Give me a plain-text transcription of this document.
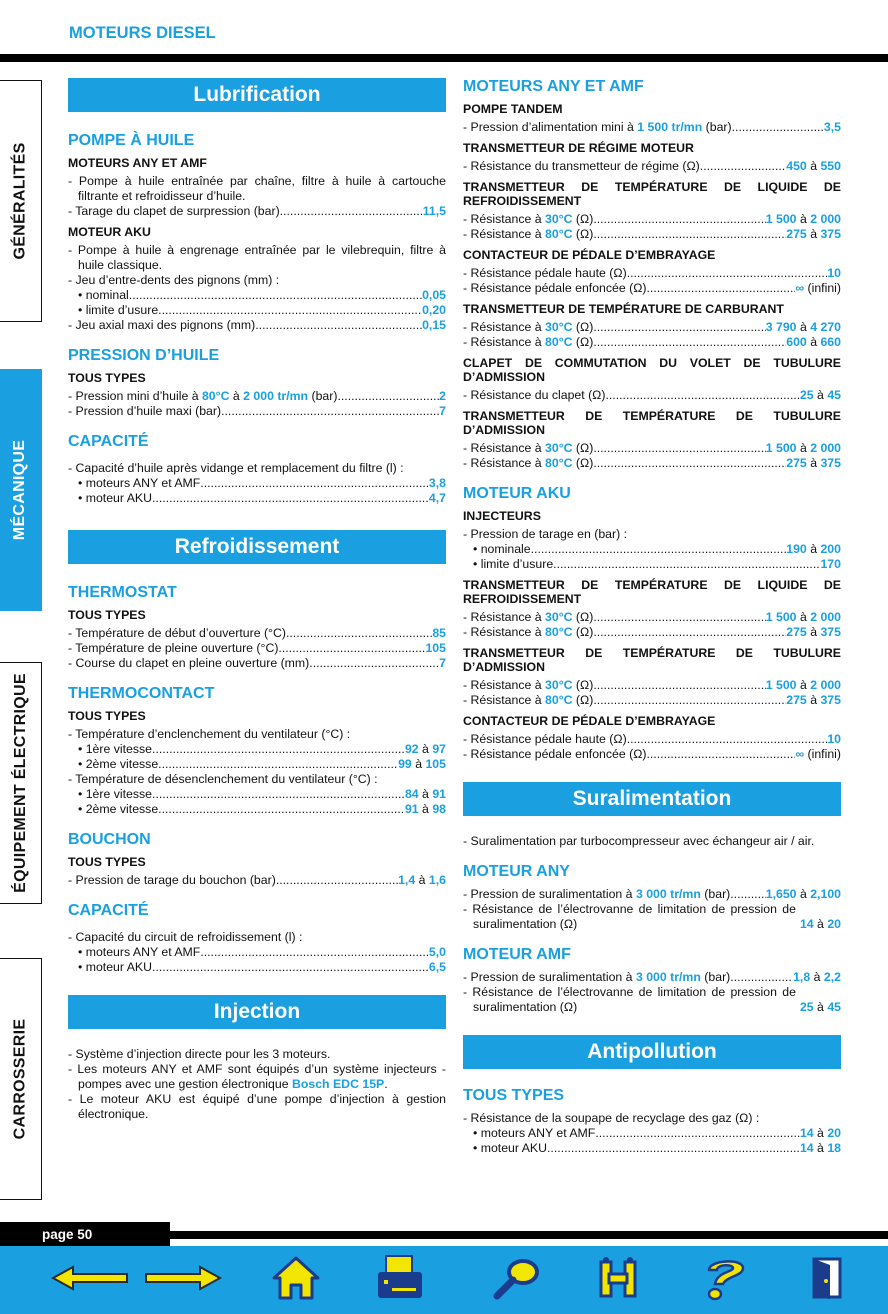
MOTEURS DIESEL
GÉNÉRALITÉS
MÉCANIQUE
ÉQUIPEMENT ÉLECTRIQUE
CARROSSERIE
Lubrification
POMPE À HUILE
MOTEURS ANY ET AMF
- Pompe à huile entraînée par chaîne, filtre à huile à cartouche filtrante et refroidisseur d’huile.
- Tarage du clapet de surpression (bar) .....	11,5
MOTEUR AKU
- Pompe à huile à engrenage entraînée par le vilebrequin, filtre à huile classique.
- Jeu d’entre-dents des pignons (mm) :
• nominal .....	0,05
• limite d’usure .....	0,20
- Jeu axial maxi des pignons (mm) .....	0,15
PRESSION D’HUILE
TOUS TYPES
- Pression mini d’huile à 80°C à 2 000 tr/mn (bar) .....	2
- Pression d’huile maxi (bar) .....	7
CAPACITÉ
- Capacité d’huile après vidange et remplacement du filtre (l) :
• moteurs ANY et AMF .....	3,8
• moteur AKU .....	4,7
Refroidissement
THERMOSTAT
TOUS TYPES
- Température de début d’ouverture (°C) .....	85
- Température de pleine ouverture (°C) .....	105
- Course du clapet en pleine ouverture (mm) .....	7
THERMOCONTACT
TOUS TYPES
- Température d’enclenchement du ventilateur (°C) :
• 1ère vitesse .....	92 à 97
• 2ème vitesse .....	99 à 105
- Température de désenclenchement du ventilateur (°C) :
• 1ère vitesse .....	84 à 91
• 2ème vitesse .....	91 à 98
BOUCHON
TOUS TYPES
- Pression de tarage du bouchon (bar) .....	1,4 à 1,6
CAPACITÉ
- Capacité du circuit de refroidissement (l) :
• moteurs ANY et AMF .....	5,0
• moteur AKU .....	6,5
Injection
- Système d’injection directe pour les 3 moteurs.
- Les moteurs ANY et AMF sont équipés d’un système injecteurs - pompes avec une gestion électronique Bosch EDC 15P.
- Le moteur AKU est équipé d’une pompe d’injection à gestion électronique.
MOTEURS ANY ET AMF
POMPE TANDEM
- Pression d’alimentation mini à 1 500 tr/mn (bar) .....	3,5
TRANSMETTEUR DE RÉGIME MOTEUR
- Résistance du transmetteur de régime (Ω) .....	450 à 550
TRANSMETTEUR DE TEMPÉRATURE DE LIQUIDE DE REFROIDISSEMENT
- Résistance à 30°C (Ω) .....	1 500 à 2 000
- Résistance à 80°C (Ω) .....	275 à 375
CONTACTEUR DE PÉDALE D’EMBRAYAGE
- Résistance pédale haute (Ω) .....	10
- Résistance pédale enfoncée (Ω) .....	∞ (infini)
TRANSMETTEUR DE TEMPÉRATURE DE CARBURANT
- Résistance à 30°C (Ω) .....	3 790 à 4 270
- Résistance à 80°C (Ω) .....	600 à 660
CLAPET DE COMMUTATION DU VOLET DE TUBULURE D’ADMISSION
- Résistance du clapet (Ω) .....	25 à 45
TRANSMETTEUR DE TEMPÉRATURE DE TUBULURE D’ADMISSION
- Résistance à 30°C (Ω) .....	1 500 à 2 000
- Résistance à 80°C (Ω) .....	275 à 375
MOTEUR AKU
INJECTEURS
- Pression de tarage en (bar) :
• nominale .....	190 à 200
• limite d’usure .....	170
TRANSMETTEUR DE TEMPÉRATURE DE LIQUIDE DE REFROIDISSEMENT
- Résistance à 30°C (Ω) .....	1 500 à 2 000
- Résistance à 80°C (Ω) .....	275 à 375
TRANSMETTEUR DE TEMPÉRATURE DE TUBULURE D’ADMISSION
- Résistance à 30°C (Ω) .....	1 500 à 2 000
- Résistance à 80°C (Ω) .....	275 à 375
CONTACTEUR DE PÉDALE D’EMBRAYAGE
- Résistance pédale haute (Ω) .....	10
- Résistance pédale enfoncée (Ω) .....	∞ (infini)
Suralimentation
- Suralimentation par turbocompresseur avec échangeur air / air.
MOTEUR ANY
- Pression de suralimentation à 3 000 tr/mn (bar) .....	1,650 à 2,100
- Résistance de l’électrovanne de limitation de pression de suralimentation (Ω)	14 à 20
MOTEUR AMF
- Pression de suralimentation à 3 000 tr/mn (bar) .....	1,8 à 2,2
- Résistance de l’électrovanne de limitation de pression de suralimentation (Ω)	25 à 45
Antipollution
TOUS TYPES
- Résistance de la soupape de recyclage des gaz (Ω) :
• moteurs ANY et AMF .....	14 à 20
• moteur AKU .....	14 à 18
page 50
